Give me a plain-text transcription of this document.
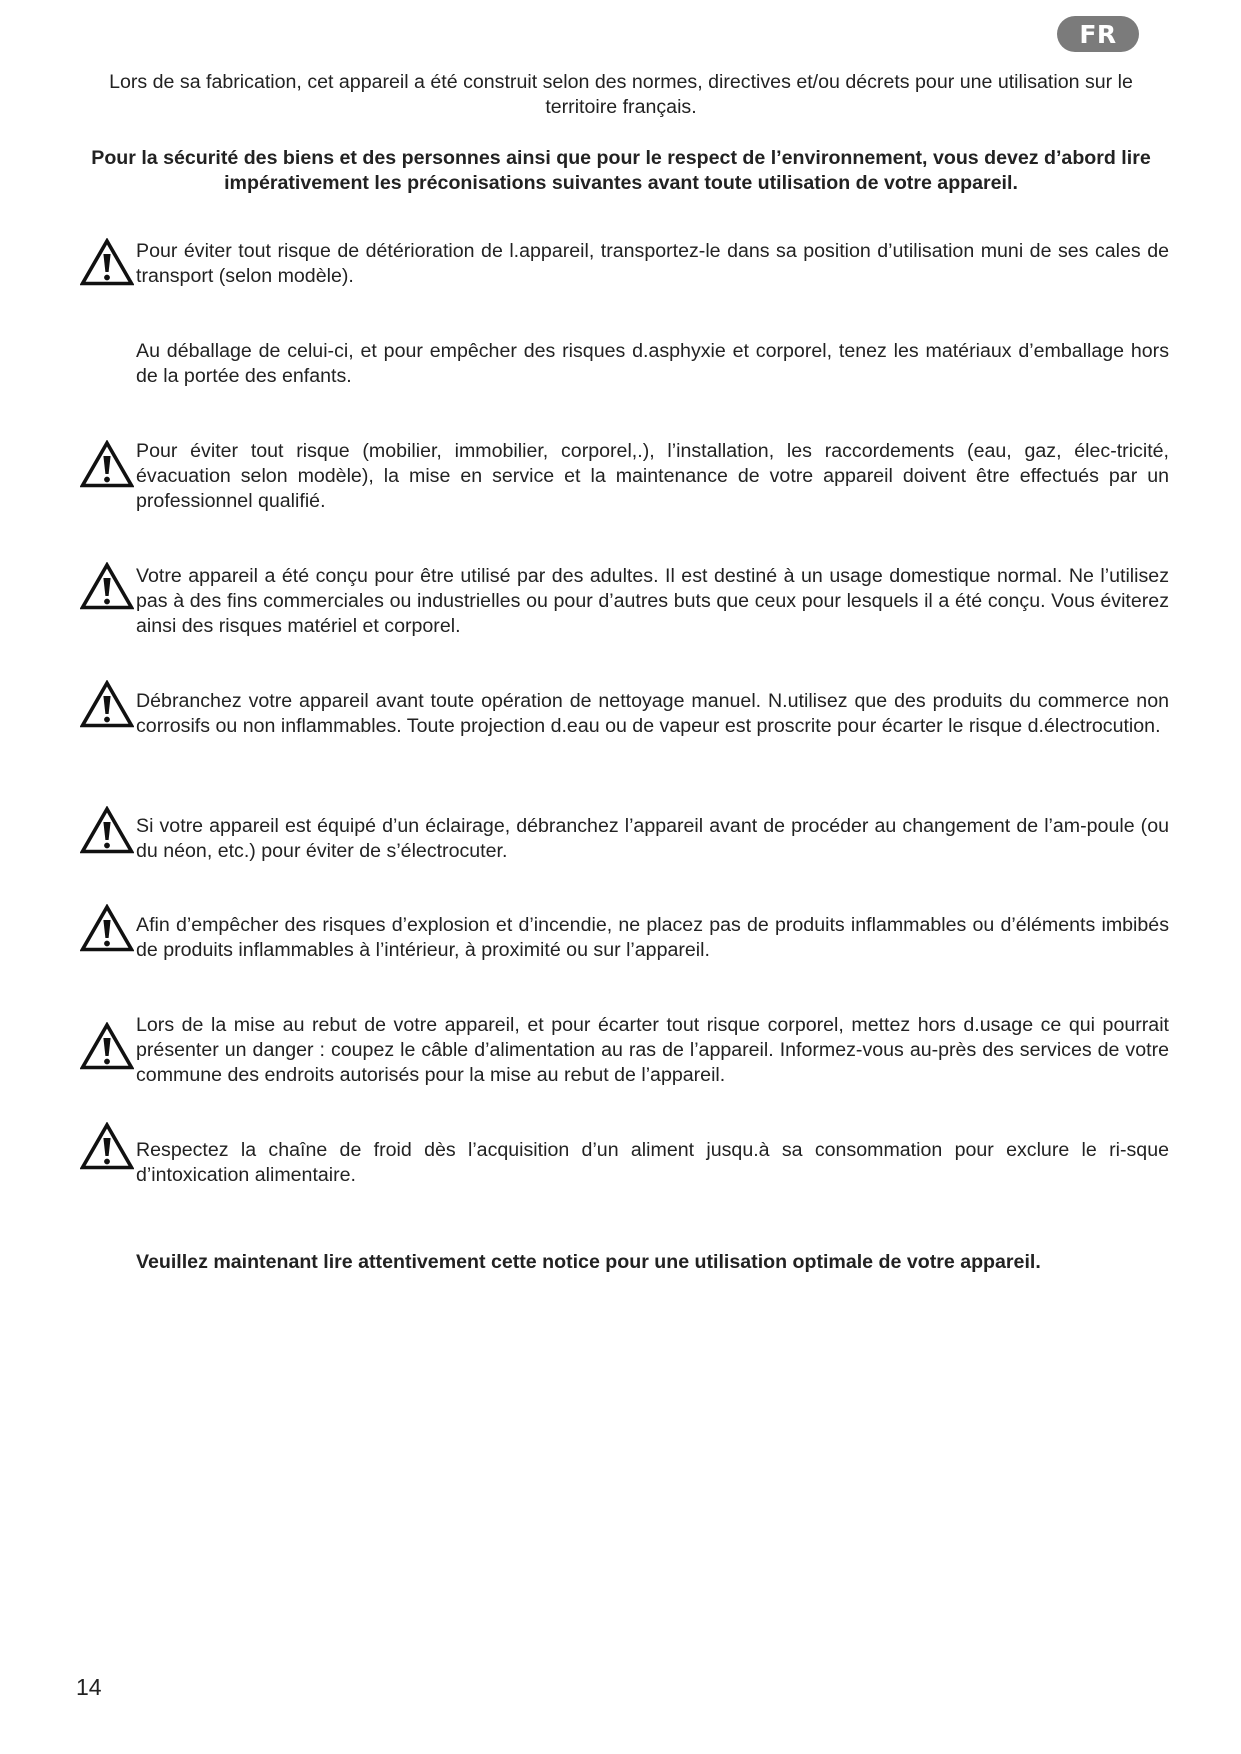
FR

Lors de sa fabrication, cet appareil a été construit selon des normes, directives et/ou décrets pour une utilisation sur le territoire français.

Pour la sécurité des biens et des personnes ainsi que pour le respect de l’environnement, vous devez d’abord lire impérativement les préconisations suivantes avant toute utilisation de votre appareil.

Pour éviter tout risque de détérioration de l.appareil, transportez-le dans sa position d’utilisation muni de ses cales de transport (selon modèle).

Au déballage de celui-ci, et pour empêcher des risques d.asphyxie et corporel, tenez les matériaux d’emballage hors de la portée des enfants.

Pour éviter tout risque (mobilier, immobilier, corporel,.), l’installation, les raccordements (eau, gaz, élec-tricité, évacuation selon modèle), la mise en service et la maintenance de votre appareil doivent être effectués par un professionnel qualifié.

Votre appareil a été conçu pour être utilisé par des adultes. Il est destiné à un usage domestique normal. Ne l’utilisez pas à des fins commerciales ou industrielles ou pour d’autres buts que ceux pour lesquels il a été conçu. Vous éviterez ainsi des risques matériel et corporel.

Débranchez votre appareil avant toute opération de nettoyage manuel. N.utilisez que des produits du commerce non corrosifs ou non inflammables. Toute projection d.eau ou de vapeur est proscrite pour écarter le risque d.électrocution.

Si votre appareil est équipé d’un éclairage, débranchez l’appareil avant de procéder au changement de l’am-poule (ou du néon, etc.) pour éviter de s’électrocuter.

Afin d’empêcher des risques d’explosion et d’incendie, ne placez pas de produits inflammables ou d’éléments imbibés de produits inflammables à l’intérieur, à proximité ou sur l’appareil.

Lors de la mise au rebut de votre appareil, et pour écarter tout risque corporel, mettez hors d.usage ce qui pourrait présenter un danger : coupez le câble d’alimentation au ras de l’appareil. Informez-vous au-près des services de votre commune des endroits autorisés pour la mise au rebut de l’appareil.

Respectez la chaîne de froid dès l’acquisition d’un aliment jusqu.à sa consommation pour exclure le ri-sque d’intoxication alimentaire.

Veuillez maintenant lire attentivement cette notice pour une utilisation optimale de votre appareil.

14
